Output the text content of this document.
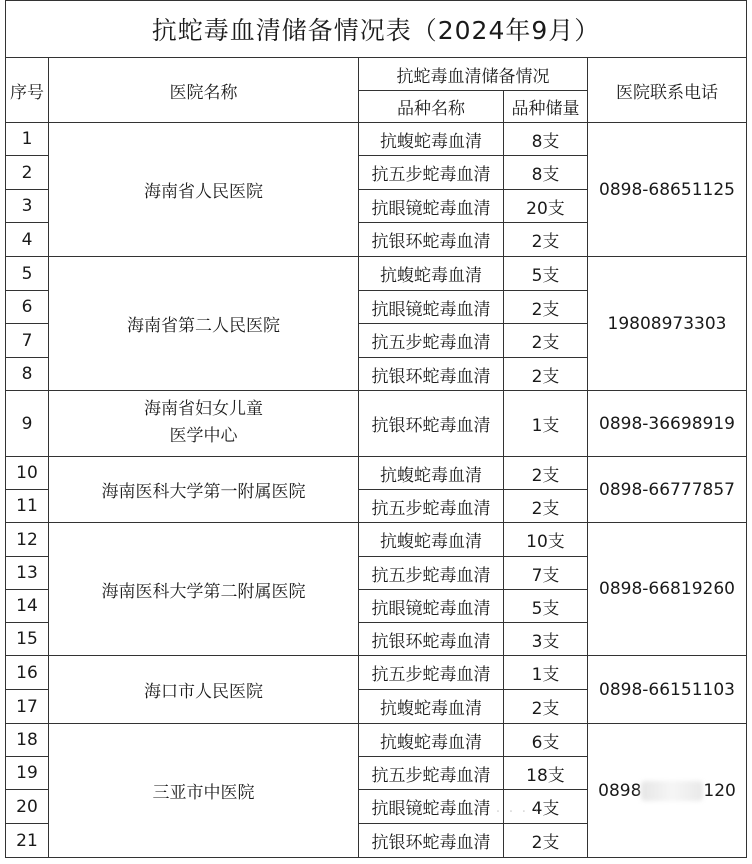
抗蛇毒血清储备情况表（2024年9月）				
序号	医院名称	抗蛇毒血清储备情况		医院联系电话
		品种名称	品种储量	
1	海南省人民医院	抗蝮蛇毒血清	8支	0898-68651125
2		抗五步蛇毒血清	8支	
3		抗眼镜蛇毒血清	20支	
4		抗银环蛇毒血清	2支	
5	海南省第二人民医院	抗蝮蛇毒血清	5支	19808973303
6		抗眼镜蛇毒血清	2支	
7		抗五步蛇毒血清	2支	
8		抗银环蛇毒血清	2支	
9	海南省妇女儿童
医学中心	抗银环蛇毒血清	1支	0898-36698919
10	海南医科大学第一附属医院	抗蝮蛇毒血清	2支	0898-66777857
11		抗五步蛇毒血清	2支	
12	海南医科大学第二附属医院	抗蝮蛇毒血清	10支	0898-66819260
13		抗五步蛇毒血清	7支	
14		抗眼镜蛇毒血清	5支	
15		抗银环蛇毒血清	3支	
16	海口市人民医院	抗五步蛇毒血清	1支	0898-66151103
17		抗蝮蛇毒血清	2支	
18	三亚市中医院	抗蝮蛇毒血清	6支	0898 120
19		抗五步蛇毒血清	18支	
20		抗眼镜蛇毒血清	4支	
21		抗银环蛇毒血清	2支	
· · · · · ·
